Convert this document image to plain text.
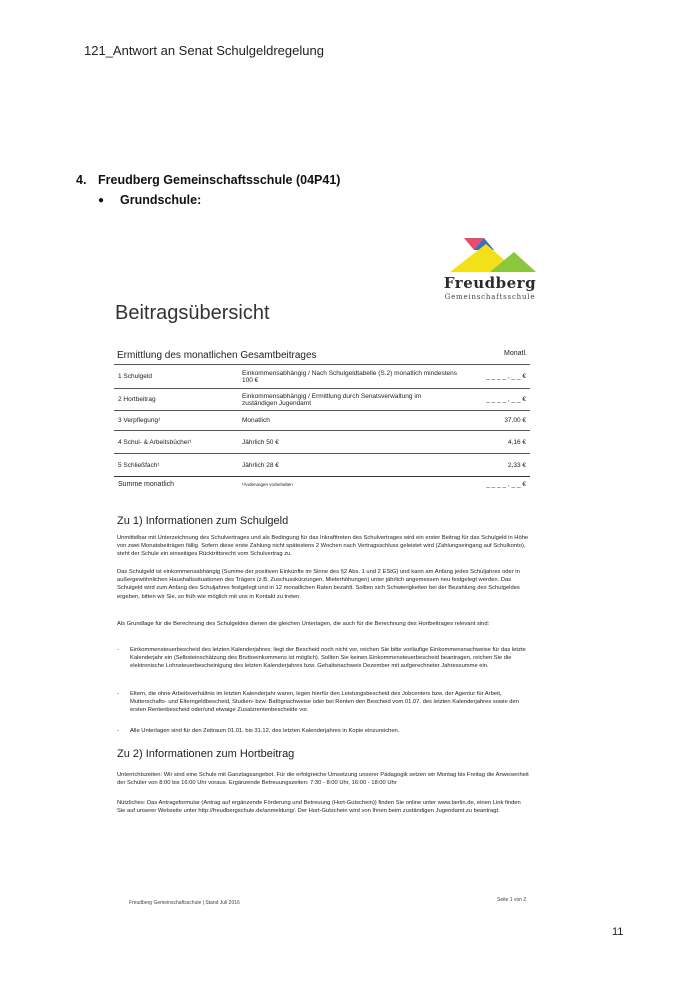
121_Antwort an Senat Schulgeldregelung
4. Freudberg Gemeinschaftsschule (04P41)
● Grundschule:
Freudberg
Gemeinschaftsschule
Beitragsübersicht
Ermittlung des monatlichen Gesamtbeitrages	Monatl.
1 Schulgeld	Einkommensabhängig / Nach Schulgeldtabelle (S.2) monatlich mindestens 100 €	_ _ _ _ , _ _ €
2 Hortbeitrag	Einkommensabhängig / Ermittlung durch Senatsverwaltung im zuständigen Jugendamt	_ _ _ _ , _ _ €
3 Verpflegung¹	Monatlich	37,00 €
4 Schul- & Arbeitsbücher¹	Jährlich 50 €	4,16 €
5 Schließfach¹	Jährlich 28 €	2,33 €
Summe monatlich	¹Änderungen vorbehalten	_ _ _ _ , _ _ €
Zu 1) Informationen zum Schulgeld

Unmittelbar mit Unterzeichnung des Schulvertrages und als Bedingung für das Inkrafttreten des Schulvertrages wird ein erster Beitrag für das Schulgeld in Höhe von zwei Monatsbeiträgen fällig. Sofern diese erste Zahlung nicht spätestens 2 Wochen nach Vertragsschluss geleistet wird (Zahlungseingang auf Schulkonto), steht der Schule ein einseitiges Rücktrittsrecht vom Schulvertrag zu.

Das Schulgeld ist einkommensabhängig (Summe der positiven Einkünfte im Sinne des §2 Abs. 1 und 2 EStG) und kann am Anfang jedes Schuljahres oder in außergewöhnlichen Haushaltssituationen des Trägers (z.B. Zuschusskürzungen, Mieterhöhungen) unter jährlich angemessen neu festgelegt werden. Das Schulgeld wird zum Anfang des Schuljahres festgelegt und in 12 monatlichen Raten bezahlt. Sollten sich Schwierigkeiten bei der Bezahlung des Schulgeldes ergeben, bitten wir Sie, so früh wie möglich mit uns in Kontakt zu treten.

Als Grundlage für die Berechnung des Schulgeldes dienen die gleichen Unterlagen, die auch für die Berechnung des Hortbeitrages relevant sind:

- Einkommensteuerbescheid des letzten Kalenderjahres; liegt der Bescheid noch nicht vor, reichen Sie bitte vorläufige Einkommensnachweise für das letzte Kalenderjahr ein (Selbsteinschätzung des Bruttoeinkommens ist möglich). Sollten Sie keinen Einkommensteuerbescheid beantragen, reichen Sie die elektronische Lohnsteuerbescheinigung des letzten Kalenderjahres bzw. Gehaltsnachweis Dezember mit aufgerechneter Jahressumme ein.
- Eltern, die ohne Arbeitsverhältnis im letzten Kalenderjahr waren, legen hierfür den Leistungsbescheid des Jobcenters bzw. der Agentur für Arbeit, Mutterschafts- und Elterngeldbescheid, Studien- bzw. Bafögnachweise oder bei Renten den Bescheid vom 01.07. des letzten Kalenderjahres sowie den ersten Rentenbescheid oder/und etwaige Zusatzrentenbescheide vor.
- Alle Unterlagen sind für den Zeitraum 01.01. bis 31.12. des letzten Kalenderjahres in Kopie einzureichen.
Zu 2) Informationen zum Hortbeitrag

Unterrichtszeiten: Wir sind eine Schule mit Ganztagsangebot. Für die erfolgreiche Umsetzung unserer Pädagogik setzen wir Montag bis Freitag die Anwesenheit der Schüler von 8:00 bis 16:00 Uhr voraus. Ergänzende Betreuungszeiten: 7:30 - 8:00 Uhr, 16:00 - 18:00 Uhr

Nützliches: Das Antragsformular (Antrag auf ergänzende Förderung und Betreuung (Hort-Gutschein)) finden Sie online unter www.berlin.de, einen Link finden Sie auf unserer Webseite unter http://freudbergschule.de/anmeldung/. Der Hort-Gutschein wird von Ihnen beim zuständigen Jugendamt zu beantragt.

Freudberg Gemeinschaftsschule | Stand Juli 2016	Seite 1 von 2
11
